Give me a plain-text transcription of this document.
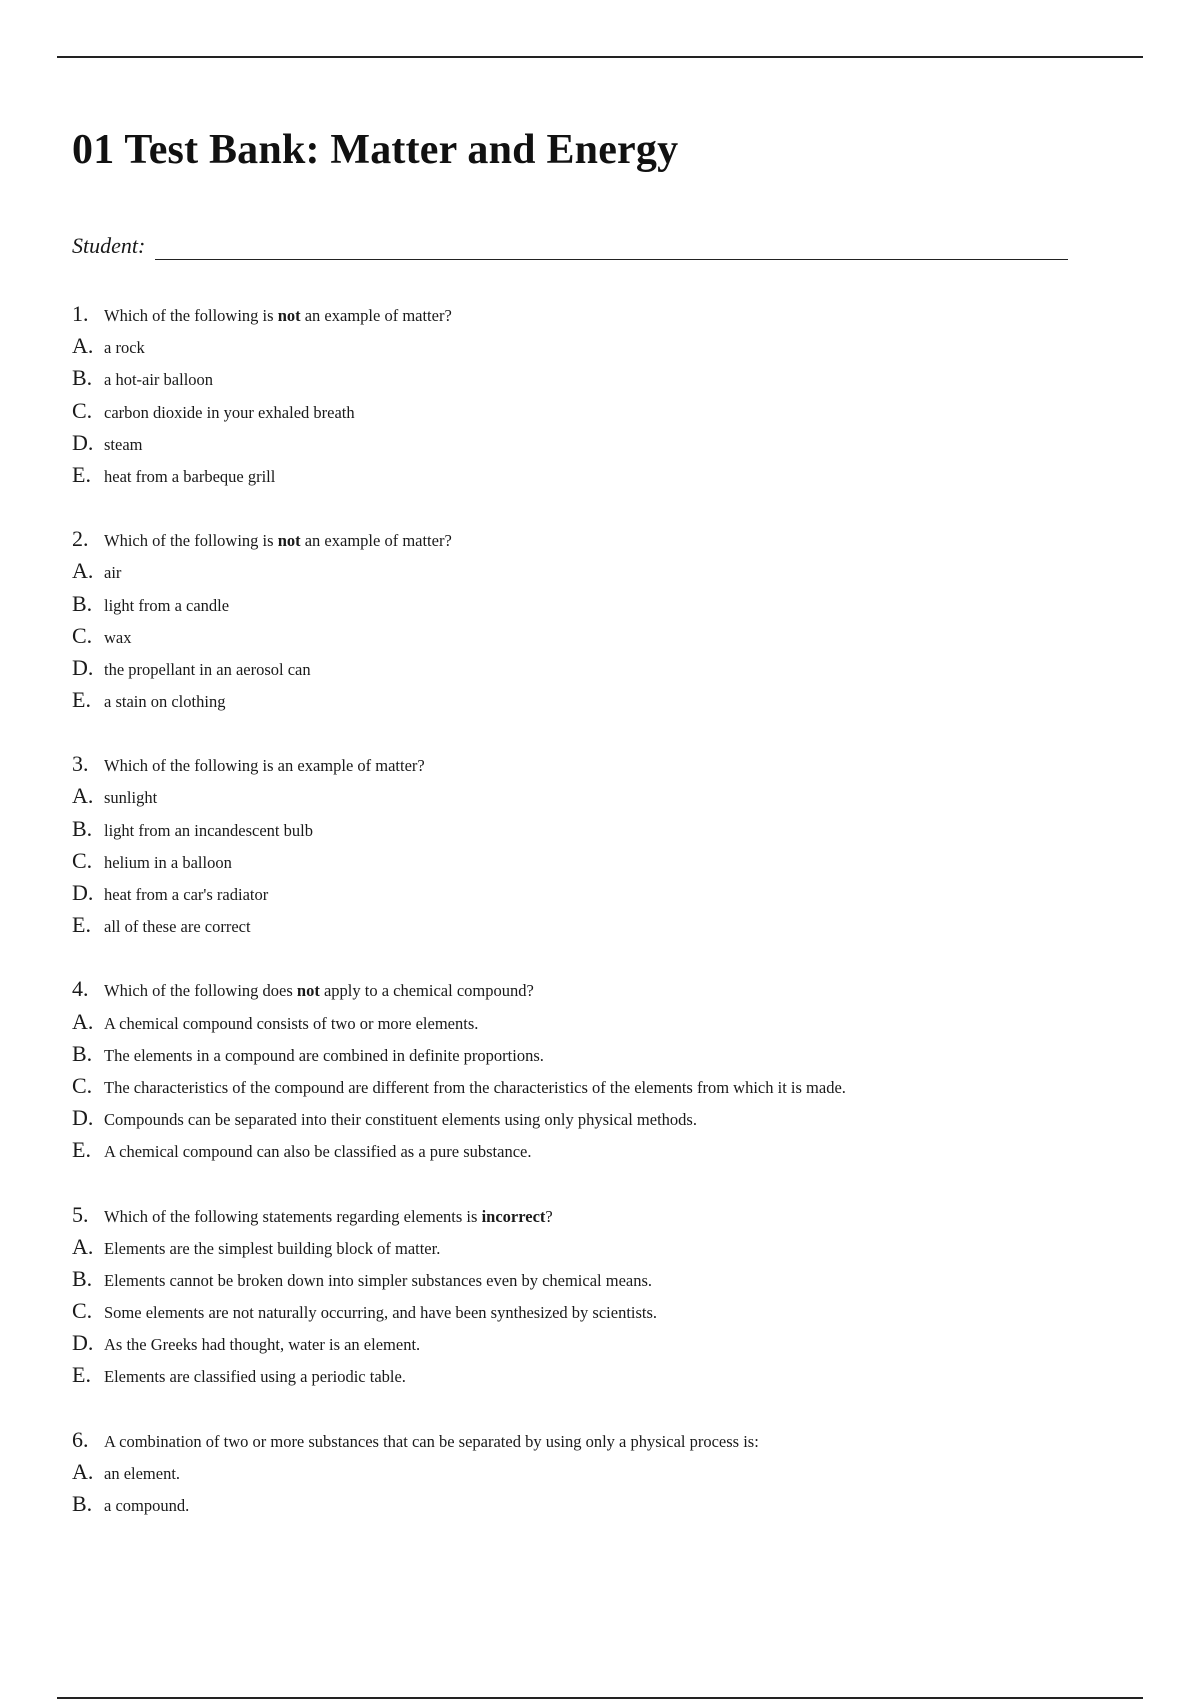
01 Test Bank: Matter and Energy
Student:
1. Which of the following is not an example of matter?
A. a rock
B. a hot-air balloon
C. carbon dioxide in your exhaled breath
D. steam
E. heat from a barbeque grill
2. Which of the following is not an example of matter?
A. air
B. light from a candle
C. wax
D. the propellant in an aerosol can
E. a stain on clothing
3. Which of the following is an example of matter?
A. sunlight
B. light from an incandescent bulb
C. helium in a balloon
D. heat from a car's radiator
E. all of these are correct
4. Which of the following does not apply to a chemical compound?
A. A chemical compound consists of two or more elements.
B. The elements in a compound are combined in definite proportions.
C. The characteristics of the compound are different from the characteristics of the elements from which it is made.
D. Compounds can be separated into their constituent elements using only physical methods.
E. A chemical compound can also be classified as a pure substance.
5. Which of the following statements regarding elements is incorrect?
A. Elements are the simplest building block of matter.
B. Elements cannot be broken down into simpler substances even by chemical means.
C. Some elements are not naturally occurring, and have been synthesized by scientists.
D. As the Greeks had thought, water is an element.
E. Elements are classified using a periodic table.
6. A combination of two or more substances that can be separated by using only a physical process is:
A. an element.
B. a compound.
